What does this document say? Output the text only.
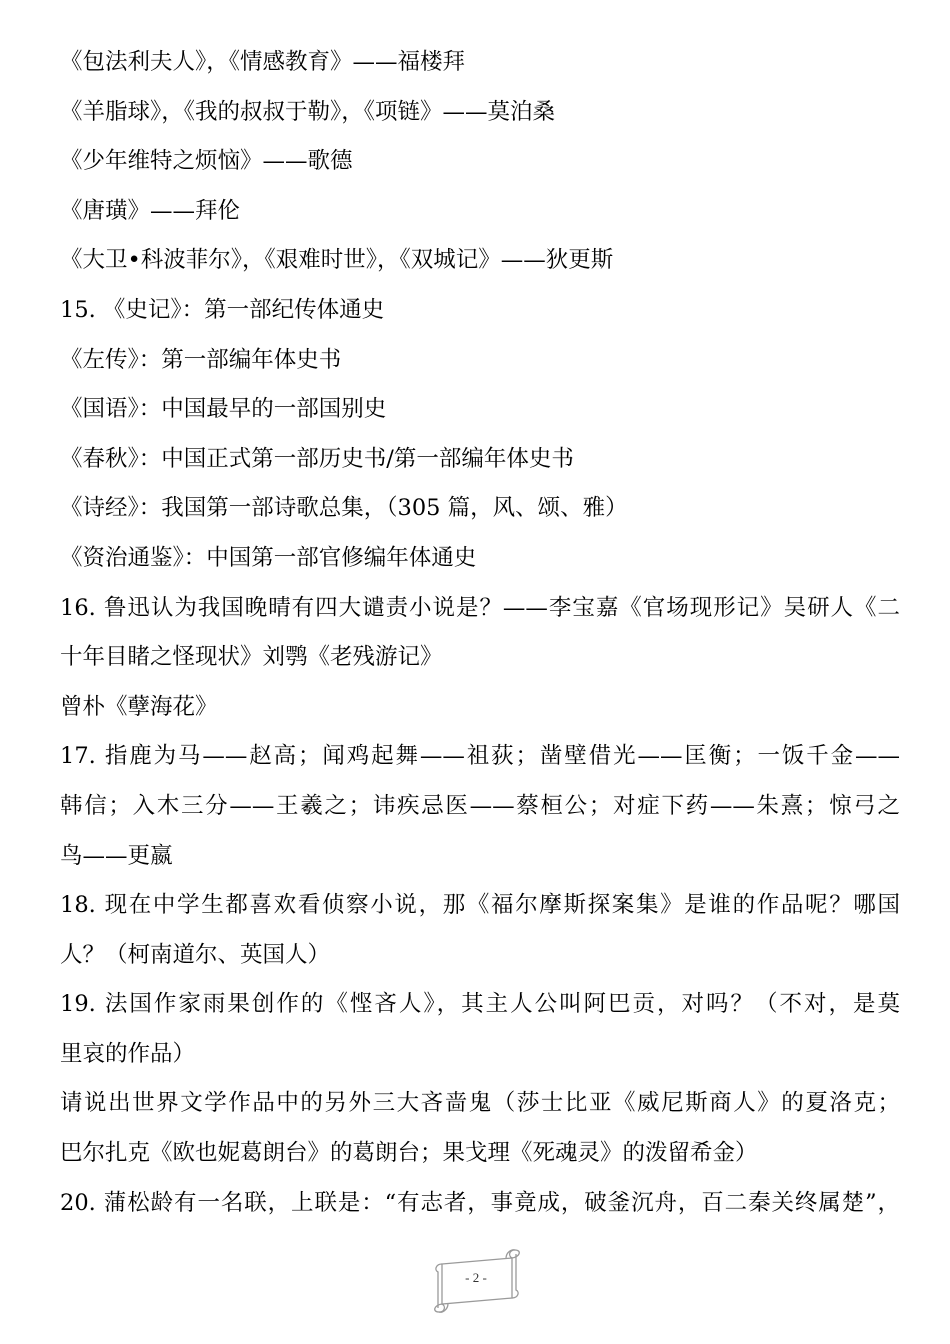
《包法利夫人》，《情感教育》——福楼拜
《羊脂球》，《我的叔叔于勒》，《项链》——莫泊桑
《少年维特之烦恼》——歌德
《唐璜》——拜伦
《大卫•科波菲尔》，《艰难时世》，《双城记》——狄更斯
15. 《史记》：第一部纪传体通史
《左传》：第一部编年体史书
《国语》：中国最早的一部国别史
《春秋》：中国正式第一部历史书/第一部编年体史书
《诗经》：我国第一部诗歌总集，（305 篇，风、颂、雅）
《资治通鉴》：中国第一部官修编年体通史
16. 鲁迅认为我国晚晴有四大谴责小说是？——李宝嘉《官场现形记》吴研人《二
十年目睹之怪现状》刘鹗《老残游记》
曾朴《孽海花》
17. 指鹿为马——赵高；闻鸡起舞——祖荻；凿壁借光——匡衡；一饭千金——
韩信；入木三分——王羲之；讳疾忌医——蔡桓公；对症下药——朱熹；惊弓之
鸟——更嬴
18. 现在中学生都喜欢看侦察小说，那《福尔摩斯探案集》是谁的作品呢？哪国
人？（柯南道尔、英国人）
19. 法国作家雨果创作的《悭吝人》，其主人公叫阿巴贡，对吗？（不对，是莫
里哀的作品）
请说出世界文学作品中的另外三大吝啬鬼（莎士比亚《威尼斯商人》的夏洛克；
巴尔扎克《欧也妮葛朗台》的葛朗台；果戈理《死魂灵》的泼留希金）
20. 蒲松龄有一名联，上联是：“有志者，事竟成，破釜沉舟，百二秦关终属楚”，
- 2 -
